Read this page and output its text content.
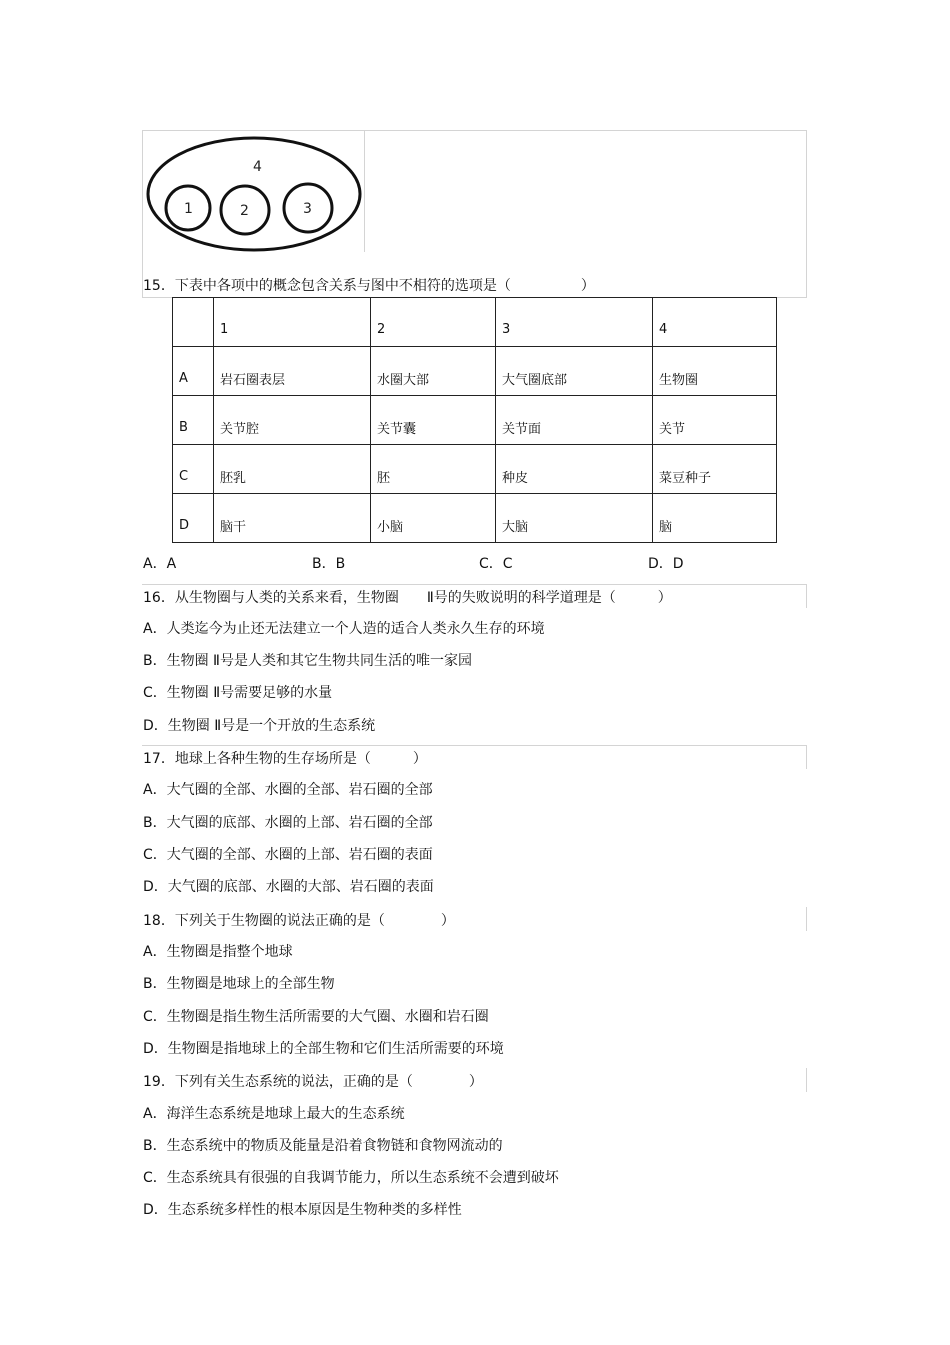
4
1	2	3
15．下表中各项中的概念包含关系与图中不相符的选项是（　　　　　）

	1	2	3	4

A	岩石圈表层	水圈大部	大气圈底部	生物圈

B	关节腔	关节囊	关节面	关节

C	胚乳	胚	种皮	菜豆种子

D	脑干	小脑	大脑	脑
A．A	B．B	C．C	D．D
16．从生物圈与人类的关系来看，生物圈　　Ⅱ号的失败说明的科学道理是（　　　）
A．人类迄今为止还无法建立一个人造的适合人类永久生存的环境
B．生物圈 Ⅱ号是人类和其它生物共同生活的唯一家园
C．生物圈 Ⅱ号需要足够的水量
D．生物圈 Ⅱ号是一个开放的生态系统
17．地球上各种生物的生存场所是（　　　）
A．大气圈的全部、水圈的全部、岩石圈的全部
B．大气圈的底部、水圈的上部、岩石圈的全部
C．大气圈的全部、水圈的上部、岩石圈的表面
D．大气圈的底部、水圈的大部、岩石圈的表面
18．下列关于生物圈的说法正确的是（　　　　）
A．生物圈是指整个地球
B．生物圈是地球上的全部生物
C．生物圈是指生物生活所需要的大气圈、水圈和岩石圈
D．生物圈是指地球上的全部生物和它们生活所需要的环境
19．下列有关生态系统的说法，正确的是（　　　　）
A．海洋生态系统是地球上最大的生态系统
B．生态系统中的物质及能量是沿着食物链和食物网流动的
C．生态系统具有很强的自我调节能力，所以生态系统不会遭到破坏
D．生态系统多样性的根本原因是生物种类的多样性
